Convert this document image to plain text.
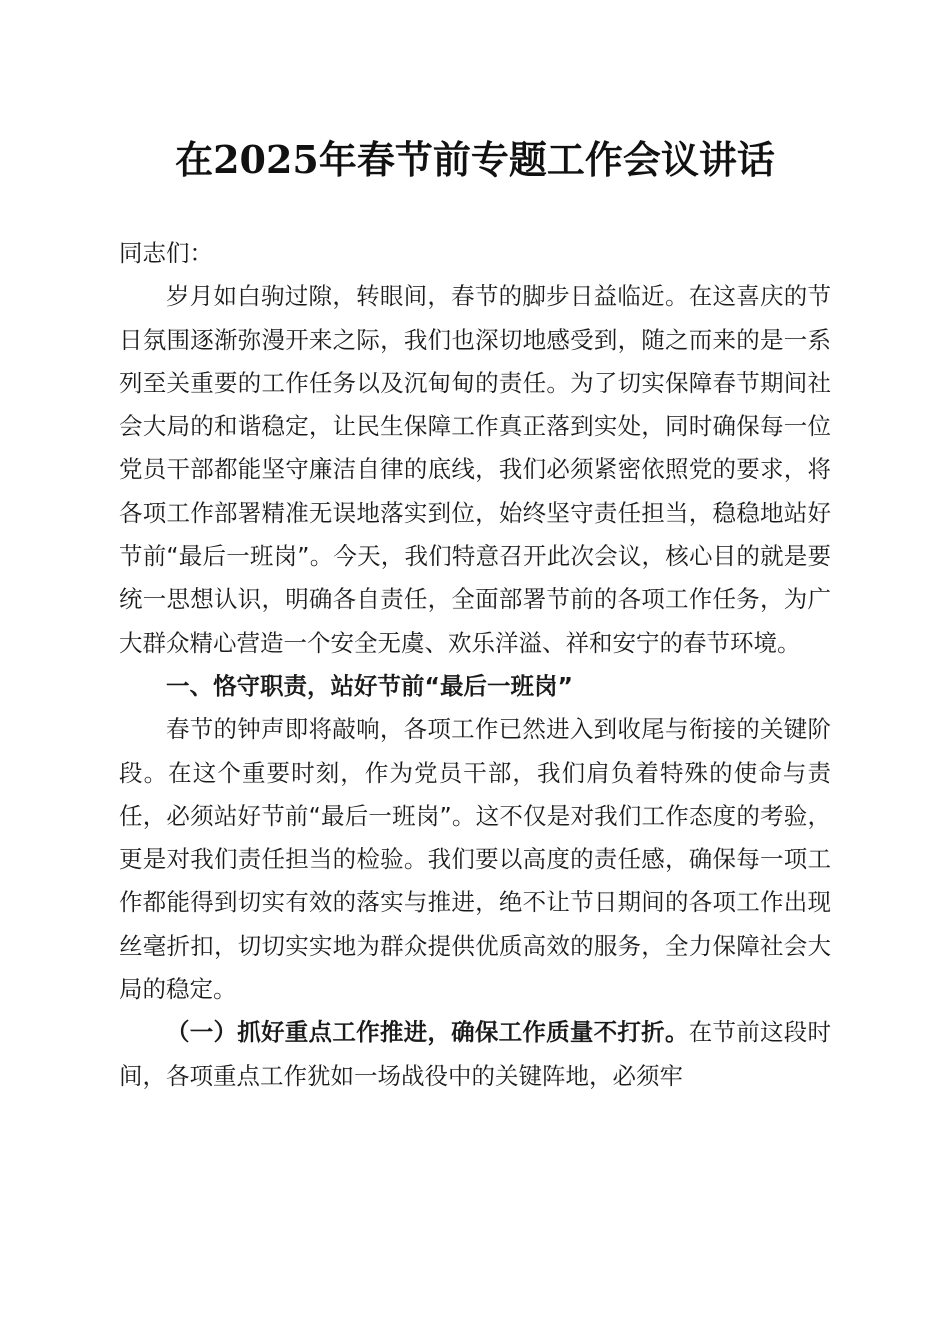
在2025年春节前专题工作会议讲话

同志们：

岁月如白驹过隙，转眼间，春节的脚步日益临近。在这喜庆的节日氛围逐渐弥漫开来之际，我们也深切地感受到，随之而来的是一系列至关重要的工作任务以及沉甸甸的责任。为了切实保障春节期间社会大局的和谐稳定，让民生保障工作真正落到实处，同时确保每一位党员干部都能坚守廉洁自律的底线，我们必须紧密依照党的要求，将各项工作部署精准无误地落实到位，始终坚守责任担当，稳稳地站好节前“最后一班岗”。今天，我们特意召开此次会议，核心目的就是要统一思想认识，明确各自责任，全面部署节前的各项工作任务，为广大群众精心营造一个安全无虞、欢乐洋溢、祥和安宁的春节环境。

一、恪守职责，站好节前“最后一班岗”

春节的钟声即将敲响，各项工作已然进入到收尾与衔接的关键阶段。在这个重要时刻，作为党员干部，我们肩负着特殊的使命与责任，必须站好节前“最后一班岗”。这不仅是对我们工作态度的考验，更是对我们责任担当的检验。我们要以高度的责任感，确保每一项工作都能得到切实有效的落实与推进，绝不让节日期间的各项工作出现丝毫折扣，切切实实地为群众提供优质高效的服务，全力保障社会大局的稳定。

（一）抓好重点工作推进，确保工作质量不打折。在节前这段时间，各项重点工作犹如一场战役中的关键阵地，必须牢
